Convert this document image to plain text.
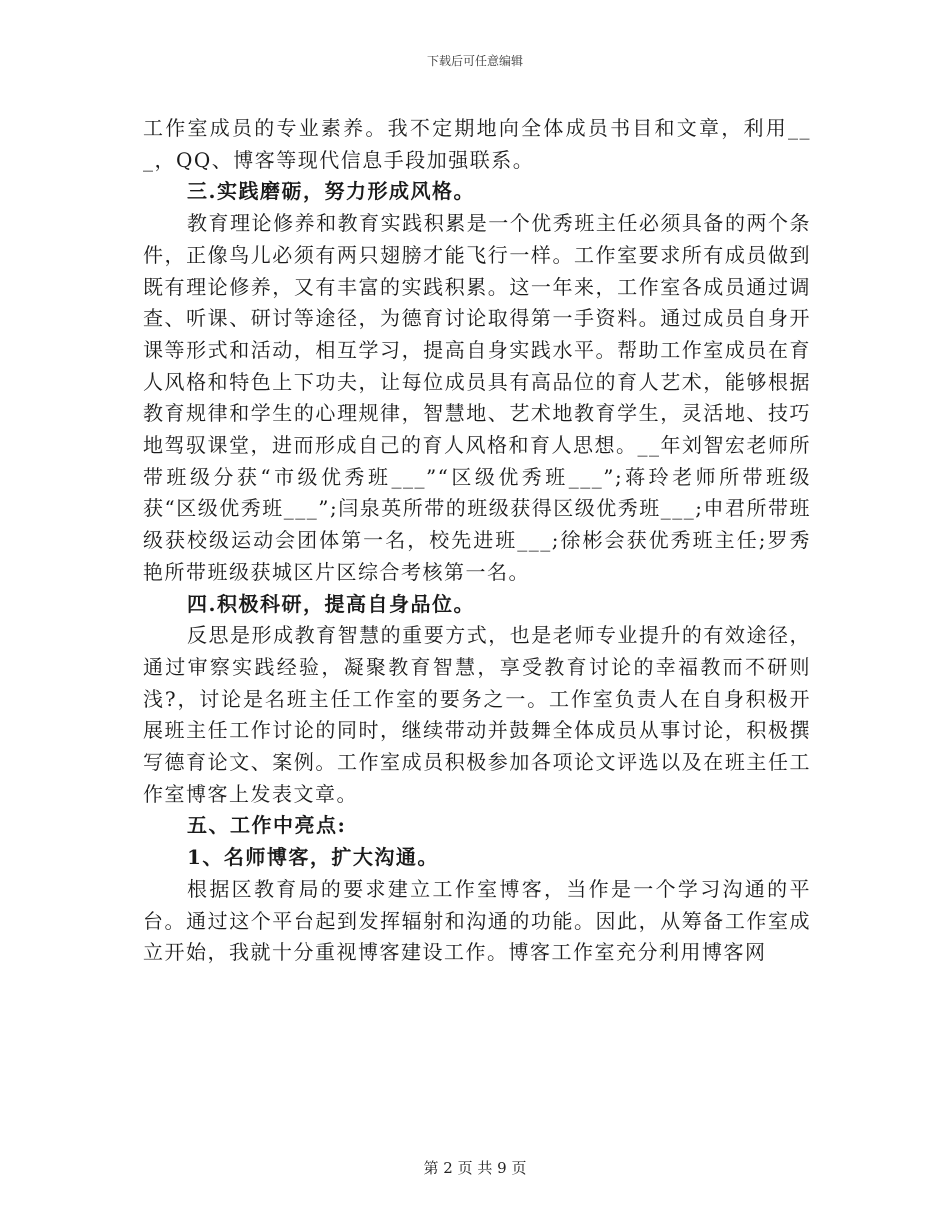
下载后可任意编辑

工作室成员的专业素养。我不定期地向全体成员书目和文章，利用___，QQ、博客等现代信息手段加强联系。

三.实践磨砺，努力形成风格。

教育理论修养和教育实践积累是一个优秀班主任必须具备的两个条件，正像鸟儿必须有两只翅膀才能飞行一样。工作室要求所有成员做到既有理论修养，又有丰富的实践积累。这一年来，工作室各成员通过调查、听课、研讨等途径，为德育讨论取得第一手资料。通过成员自身开课等形式和活动，相互学习，提高自身实践水平。帮助工作室成员在育人风格和特色上下功夫，让每位成员具有高品位的育人艺术，能够根据教育规律和学生的心理规律，智慧地、艺术地教育学生，灵活地、技巧地驾驭课堂，进而形成自己的育人风格和育人思想。__年刘智宏老师所带班级分获“市级优秀班___”“区级优秀班___”;蒋玲老师所带班级获“区级优秀班___”;闫泉英所带的班级获得区级优秀班___;申君所带班级获校级运动会团体第一名，校先进班___;徐彬会获优秀班主任;罗秀艳所带班级获城区片区综合考核第一名。

四.积极科研，提高自身品位。

反思是形成教育智慧的重要方式，也是老师专业提升的有效途径，通过审察实践经验，凝聚教育智慧，享受教育讨论的幸福教而不研则浅?，讨论是名班主任工作室的要务之一。工作室负责人在自身积极开展班主任工作讨论的同时，继续带动并鼓舞全体成员从事讨论，积极撰写德育论文、案例。工作室成员积极参加各项论文评选以及在班主任工作室博客上发表文章。

五、工作中亮点:

1、名师博客，扩大沟通。

根据区教育局的要求建立工作室博客，当作是一个学习沟通的平台。通过这个平台起到发挥辐射和沟通的功能。因此，从筹备工作室成立开始，我就十分重视博客建设工作。博客工作室充分利用博客网

第 2 页 共 9 页
